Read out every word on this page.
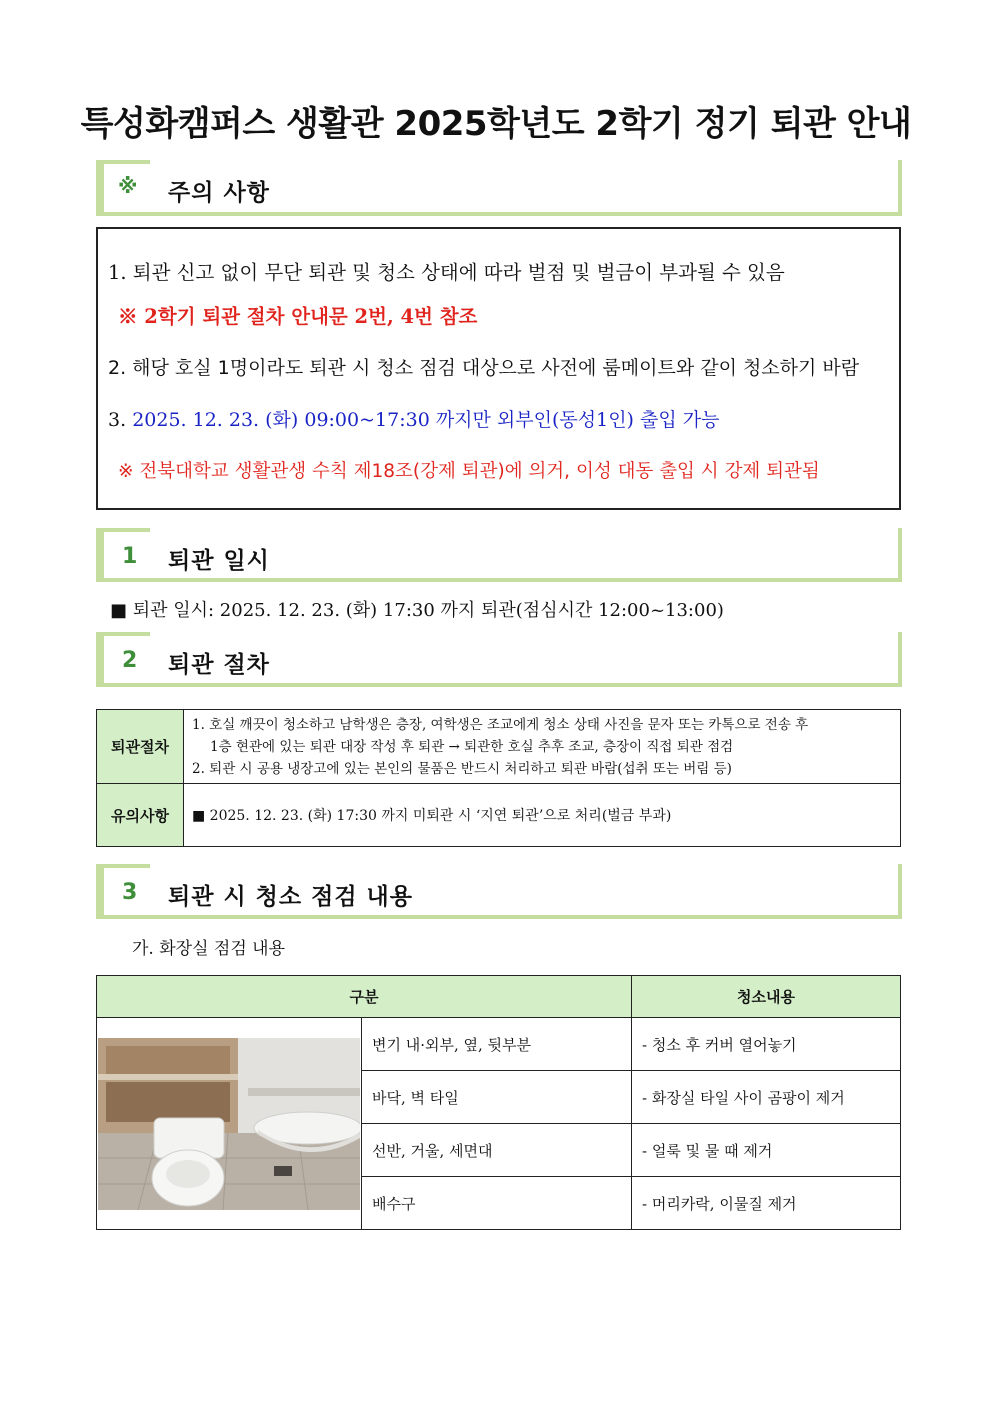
특성화캠퍼스 생활관 2025학년도 2학기 정기 퇴관 안내
※ 주의 사항
1. 퇴관 신고 없이 무단 퇴관 및 청소 상태에 따라 벌점 및 벌금이 부과될 수 있음
※ 2학기 퇴관 절차 안내문 2번, 4번 참조
2. 해당 호실 1명이라도 퇴관 시 청소 점검 대상으로 사전에 룸메이트와 같이 청소하기 바람
3. 2025. 12. 23. (화) 09:00~17:30 까지만 외부인(동성1인) 출입 가능
※ 전북대학교 생활관생 수칙 제18조(강제 퇴관)에 의거, 이성 대동 출입 시 강제 퇴관됨
1 퇴관 일시
■ 퇴관 일시: 2025. 12. 23. (화) 17:30 까지 퇴관(점심시간 12:00~13:00)
2 퇴관 절차
퇴관절차	1. 호실 깨끗이 청소하고 남학생은 층장, 여학생은 조교에게 청소 상태 사진을 문자 또는 카톡으로 전송 후
1층 현관에 있는 퇴관 대장 작성 후 퇴관 → 퇴관한 호실 추후 조교, 층장이 직접 퇴관 점검
2. 퇴관 시 공용 냉장고에 있는 본인의 물품은 반드시 처리하고 퇴관 바람(섭취 또는 버림 등)

유의사항	■ 2025. 12. 23. (화) 17:30 까지 미퇴관 시 ‘지연 퇴관’으로 처리(벌금 부과)
3 퇴관 시 청소 점검 내용
가. 화장실 점검 내용
구분		청소내용

	변기 내·외부, 옆, 뒷부분	- 청소 후 커버 열어놓기
	바닥, 벽 타일	- 화장실 타일 사이 곰팡이 제거
	선반, 거울, 세면대	- 얼룩 및 물 때 제거
	배수구	- 머리카락, 이물질 제거
